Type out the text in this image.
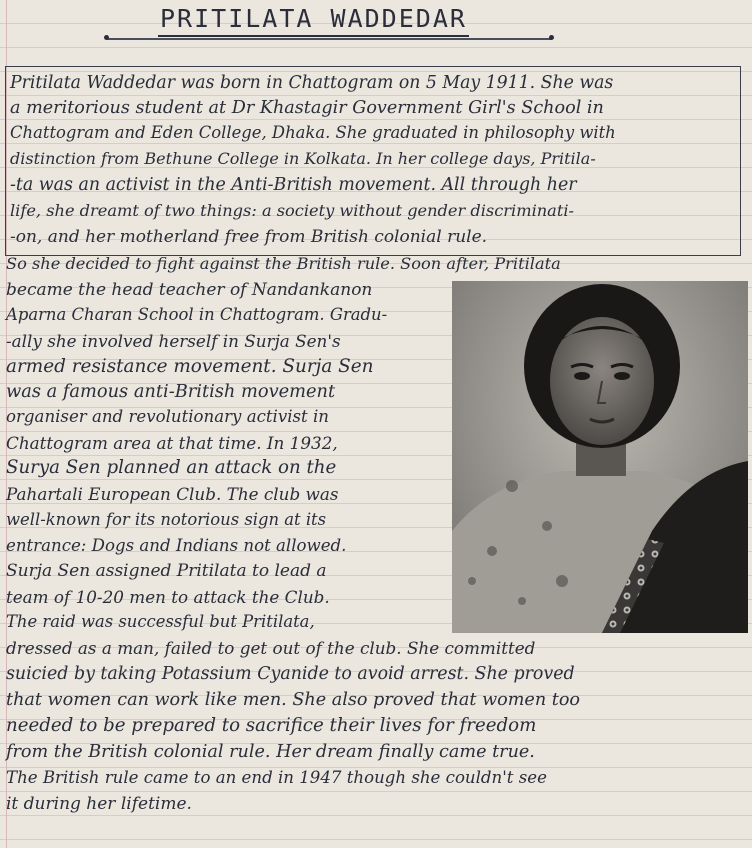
PRITILATA WADDEDAR
Pritilata Waddedar was born in Chattogram on 5 May 1911. She was
a meritorious student at Dr Khastagir Government Girl's School in
Chattogram and Eden College, Dhaka. She graduated in philosophy with
distinction from Bethune College in Kolkata. In her college days, Pritila-
-ta was an activist in the Anti-British movement. All through her
life, she dreamt of two things: a society without gender discriminati-
-on, and her motherland free from British colonial rule.
So she decided to fight against the British rule. Soon after, Pritilata
became the head teacher of Nandankanon
Aparna Charan School in Chattogram. Gradu-
-ally she involved herself in Surja Sen's
armed resistance movement. Surja Sen
was a famous anti-British movement
organiser and revolutionary activist in
Chattogram area at that time. In 1932,
Surya Sen planned an attack on the
Pahartali European Club. The club was
well-known for its notorious sign at its
entrance: Dogs and Indians not allowed.
Surja Sen assigned Pritilata to lead a
team of 10-20 men to attack the Club.
The raid was successful but Pritilata,
dressed as a man, failed to get out of the club. She committed
suicied by taking Potassium Cyanide to avoid arrest. She proved
that women can work like men. She also proved that women too
needed to be prepared to sacrifice their lives for freedom
from the British colonial rule. Her dream finally came true.
The British rule came to an end in 1947 though she couldn't see
it during her lifetime.
